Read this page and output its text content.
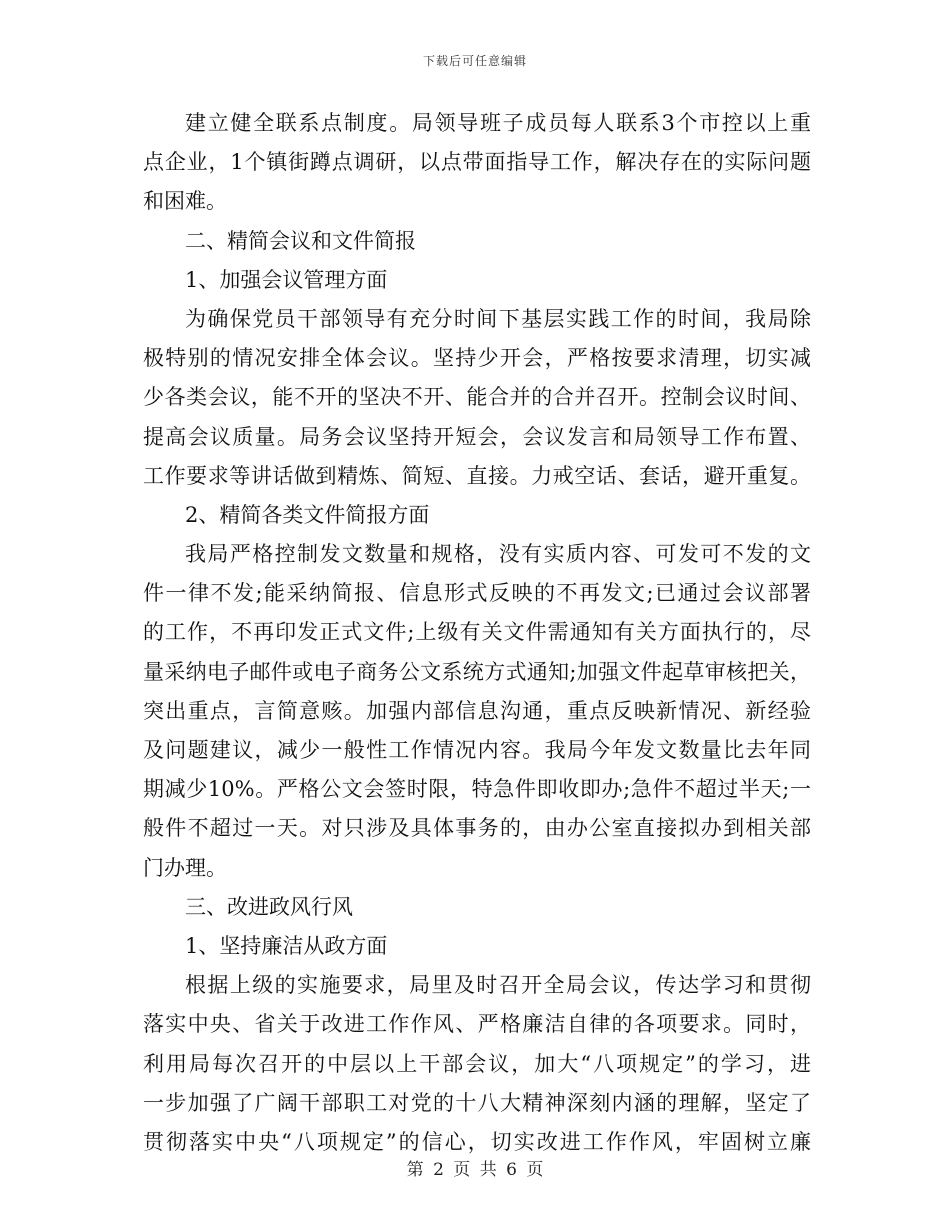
下载后可任意编辑
建立健全联系点制度。局领导班子成员每人联系3个市控以上重
点企业，1个镇街蹲点调研，以点带面指导工作，解决存在的实际问题
和困难。
二、精简会议和文件简报
1、加强会议管理方面
为确保党员干部领导有充分时间下基层实践工作的时间，我局除
极特别的情况安排全体会议。坚持少开会，严格按要求清理，切实减
少各类会议，能不开的坚决不开、能合并的合并召开。控制会议时间、
提高会议质量。局务会议坚持开短会，会议发言和局领导工作布置、
工作要求等讲话做到精炼、简短、直接。力戒空话、套话，避开重复。
2、精简各类文件简报方面
我局严格控制发文数量和规格，没有实质内容、可发可不发的文
件一律不发;能采纳简报、信息形式反映的不再发文;已通过会议部署
的工作，不再印发正式文件;上级有关文件需通知有关方面执行的，尽
量采纳电子邮件或电子商务公文系统方式通知;加强文件起草审核把关，
突出重点，言简意赅。加强内部信息沟通，重点反映新情况、新经验
及问题建议，减少一般性工作情况内容。我局今年发文数量比去年同
期减少10%。严格公文会签时限，特急件即收即办;急件不超过半天;一
般件不超过一天。对只涉及具体事务的，由办公室直接拟办到相关部
门办理。
三、改进政风行风
1、坚持廉洁从政方面
根据上级的实施要求，局里及时召开全局会议，传达学习和贯彻
落实中央、省关于改进工作作风、严格廉洁自律的各项要求。同时，
利用局每次召开的中层以上干部会议，加大“八项规定”的学习，进
一步加强了广阔干部职工对党的十八大精神深刻内涵的理解，坚定了
贯彻落实中央“八项规定”的信心，切实改进工作作风，牢固树立廉
第 2 页 共 6 页
